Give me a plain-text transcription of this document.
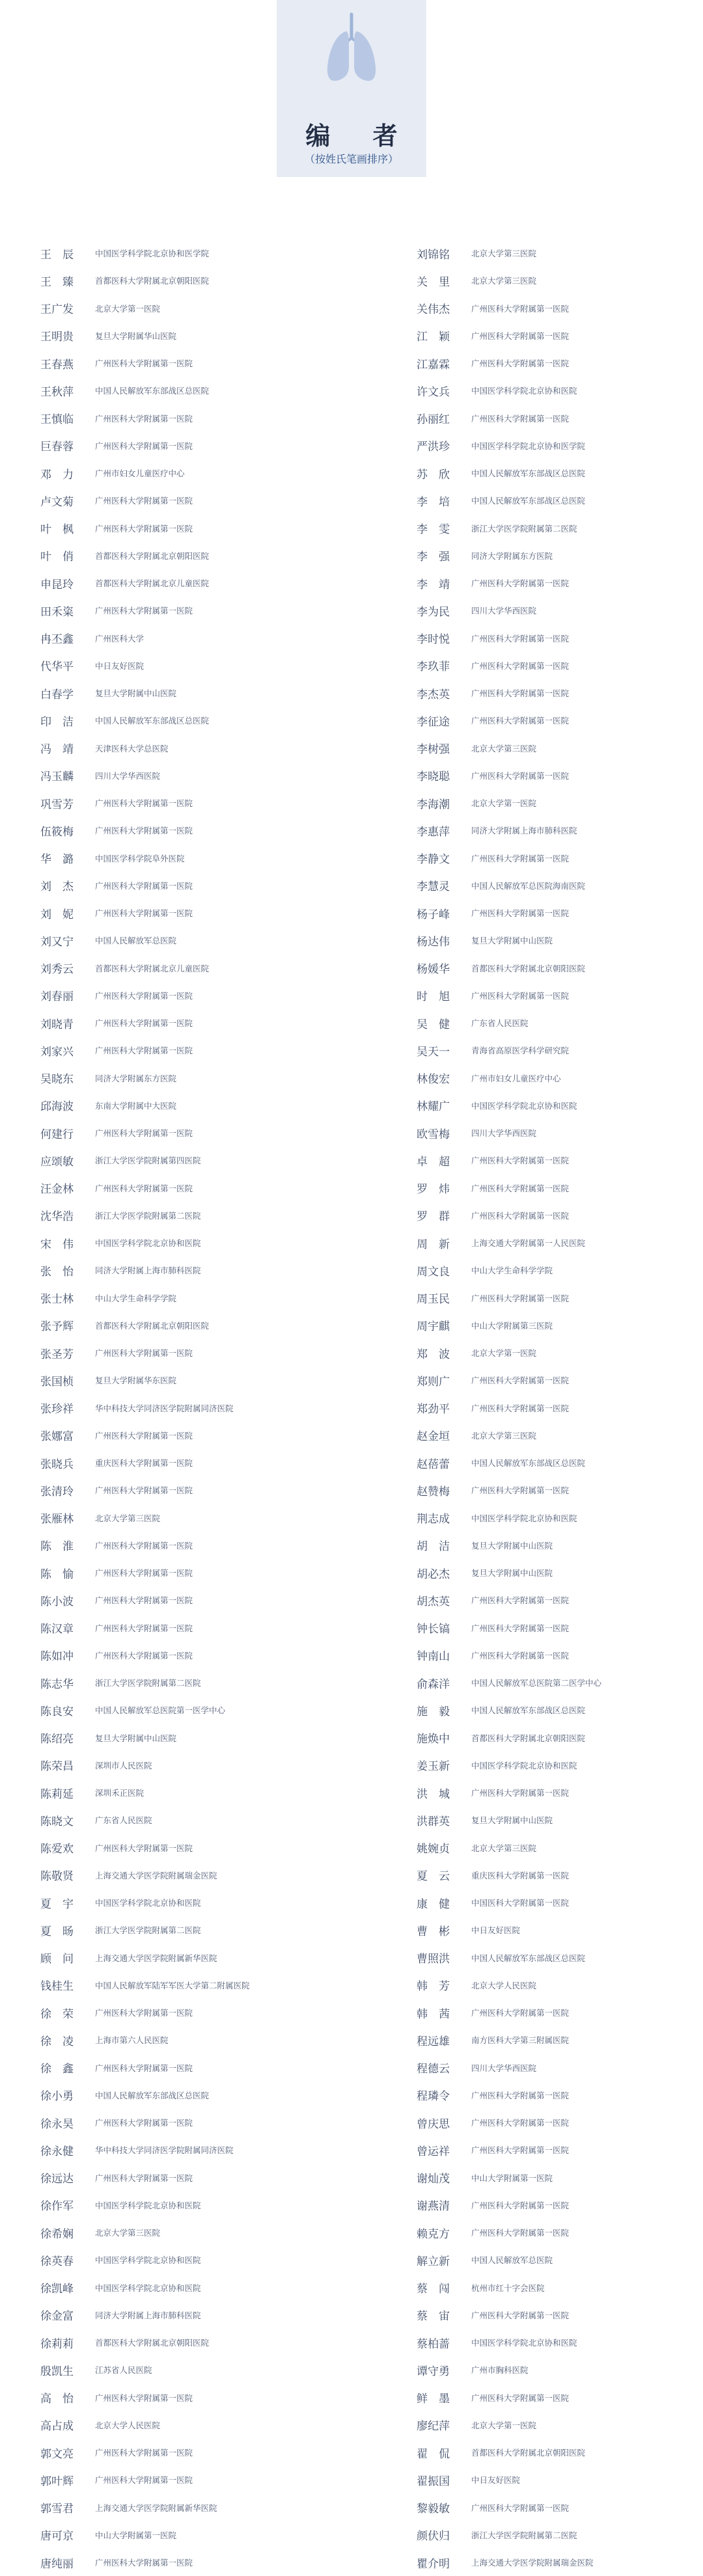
编 者
（按姓氏笔画排序）
王　辰	中国医学科学院北京协和医学院
王　臻	首都医科大学附属北京朝阳医院
王广发	北京大学第一医院
王明贵	复旦大学附属华山医院
王春燕	广州医科大学附属第一医院
王秋萍	中国人民解放军东部战区总医院
王慎临	广州医科大学附属第一医院
巨春蓉	广州医科大学附属第一医院
邓　力	广州市妇女儿童医疗中心
卢文菊	广州医科大学附属第一医院
叶　枫	广州医科大学附属第一医院
叶　俏	首都医科大学附属北京朝阳医院
申昆玲	首都医科大学附属北京儿童医院
田禾粢	广州医科大学附属第一医院
冉丕鑫	广州医科大学
代华平	中日友好医院
白春学	复旦大学附属中山医院
印　洁	中国人民解放军东部战区总医院
冯　靖	天津医科大学总医院
冯玉麟	四川大学华西医院
巩雪芳	广州医科大学附属第一医院
伍筱梅	广州医科大学附属第一医院
华　潞	中国医学科学院阜外医院
刘　杰	广州医科大学附属第一医院
刘　妮	广州医科大学附属第一医院
刘又宁	中国人民解放军总医院
刘秀云	首都医科大学附属北京儿童医院
刘春丽	广州医科大学附属第一医院
刘晓青	广州医科大学附属第一医院
刘家兴	广州医科大学附属第一医院
吴晓东	同济大学附属东方医院
邱海波	东南大学附属中大医院
何建行	广州医科大学附属第一医院
应颂敏	浙江大学医学院附属第四医院
汪金林	广州医科大学附属第一医院
沈华浩	浙江大学医学院附属第二医院
宋　伟	中国医学科学院北京协和医院
张　怡	同济大学附属上海市肺科医院
张士林	中山大学生命科学学院
张予辉	首都医科大学附属北京朝阳医院
张圣芳	广州医科大学附属第一医院
张国桢	复旦大学附属华东医院
张珍祥	华中科技大学同济医学院附属同济医院
张娜富	广州医科大学附属第一医院
张晓兵	重庆医科大学附属第一医院
张清玲	广州医科大学附属第一医院
张雁林	北京大学第三医院
陈　淮	广州医科大学附属第一医院
陈　愉	广州医科大学附属第一医院
陈小波	广州医科大学附属第一医院
陈汉章	广州医科大学附属第一医院
陈如冲	广州医科大学附属第一医院
陈志华	浙江大学医学院附属第二医院
陈良安	中国人民解放军总医院第一医学中心
陈绍亮	复旦大学附属中山医院
陈荣昌	深圳市人民医院
陈莉延	深圳禾正医院
陈晓文	广东省人民医院
陈爱欢	广州医科大学附属第一医院
陈敬贤	上海交通大学医学院附属瑞金医院
夏　宇	中国医学科学院北京协和医院
夏　旸	浙江大学医学院附属第二医院
顾　问	上海交通大学医学院附属新华医院
钱桂生	中国人民解放军陆军军医大学第二附属医院
徐　荣	广州医科大学附属第一医院
徐　凌	上海市第六人民医院
徐　鑫	广州医科大学附属第一医院
徐小勇	中国人民解放军东部战区总医院
徐永昊	广州医科大学附属第一医院
徐永健	华中科技大学同济医学院附属同济医院
徐远达	广州医科大学附属第一医院
徐作军	中国医学科学院北京协和医院
徐希娴	北京大学第三医院
徐英春	中国医学科学院北京协和医院
徐凯峰	中国医学科学院北京协和医院
徐金富	同济大学附属上海市肺科医院
徐莉莉	首都医科大学附属北京朝阳医院
殷凯生	江苏省人民医院
高　怡	广州医科大学附属第一医院
高占成	北京大学人民医院
郭文亮	广州医科大学附属第一医院
郭叶辉	广州医科大学附属第一医院
郭雪君	上海交通大学医学院附属新华医院
唐可京	中山大学附属第一医院
唐纯丽	广州医科大学附属第一医院
刘锦铭	北京大学第三医院
关　里	北京大学第三医院
关伟杰	广州医科大学附属第一医院
江　颖	广州医科大学附属第一医院
江嘉霖	广州医科大学附属第一医院
许文兵	中国医学科学院北京协和医院
孙丽红	广州医科大学附属第一医院
严洪珍	中国医学科学院北京协和医学院
苏　欣	中国人民解放军东部战区总医院
李　培	中国人民解放军东部战区总医院
李　雯	浙江大学医学院附属第二医院
李　强	同济大学附属东方医院
李　靖	广州医科大学附属第一医院
李为民	四川大学华西医院
李时悦	广州医科大学附属第一医院
李玖菲	广州医科大学附属第一医院
李杰英	广州医科大学附属第一医院
李征途	广州医科大学附属第一医院
李树强	北京大学第三医院
李晓聪	广州医科大学附属第一医院
李海潮	北京大学第一医院
李惠萍	同济大学附属上海市肺科医院
李静文	广州医科大学附属第一医院
李慧灵	中国人民解放军总医院海南医院
杨子峰	广州医科大学附属第一医院
杨达伟	复旦大学附属中山医院
杨媛华	首都医科大学附属北京朝阳医院
时　旭	广州医科大学附属第一医院
吴　健	广东省人民医院
吴天一	青海省高原医学科学研究院
林俊宏	广州市妇女儿童医疗中心
林耀广	中国医学科学院北京协和医院
欧雪梅	四川大学华西医院
卓　超	广州医科大学附属第一医院
罗　炜	广州医科大学附属第一医院
罗　群	广州医科大学附属第一医院
周　新	上海交通大学附属第一人民医院
周文良	中山大学生命科学学院
周玉民	广州医科大学附属第一医院
周宇麒	中山大学附属第三医院
郑　波	北京大学第一医院
郑则广	广州医科大学附属第一医院
郑劲平	广州医科大学附属第一医院
赵金垣	北京大学第三医院
赵蓓蕾	中国人民解放军东部战区总医院
赵赞梅	广州医科大学附属第一医院
荆志成	中国医学科学院北京协和医院
胡　洁	复旦大学附属中山医院
胡必杰	复旦大学附属中山医院
胡杰英	广州医科大学附属第一医院
钟长镐	广州医科大学附属第一医院
钟南山	广州医科大学附属第一医院
俞森洋	中国人民解放军总医院第二医学中心
施　毅	中国人民解放军东部战区总医院
施焕中	首都医科大学附属北京朝阳医院
姜玉新	中国医学科学院北京协和医院
洪　城	广州医科大学附属第一医院
洪群英	复旦大学附属中山医院
姚婉贞	北京大学第三医院
夏　云	重庆医科大学附属第一医院
康　健	中国医科大学附属第一医院
曹　彬	中日友好医院
曹照洪	中国人民解放军东部战区总医院
韩　芳	北京大学人民医院
韩　茜	广州医科大学附属第一医院
程远雄	南方医科大学第三附属医院
程德云	四川大学华西医院
程璘令	广州医科大学附属第一医院
曾庆思	广州医科大学附属第一医院
曾运祥	广州医科大学附属第一医院
谢灿茂	中山大学附属第一医院
谢燕清	广州医科大学附属第一医院
赖克方	广州医科大学附属第一医院
解立新	中国人民解放军总医院
蔡　闯	杭州市红十字会医院
蔡　宙	广州医科大学附属第一医院
蔡柏蔷	中国医学科学院北京协和医院
谭守勇	广州市胸科医院
鲜　墨	广州医科大学附属第一医院
廖纪萍	北京大学第一医院
翟　侃	首都医科大学附属北京朝阳医院
翟振国	中日友好医院
黎毅敏	广州医科大学附属第一医院
颜伏归	浙江大学医学院附属第二医院
瞿介明	上海交通大学医学院附属瑞金医院
